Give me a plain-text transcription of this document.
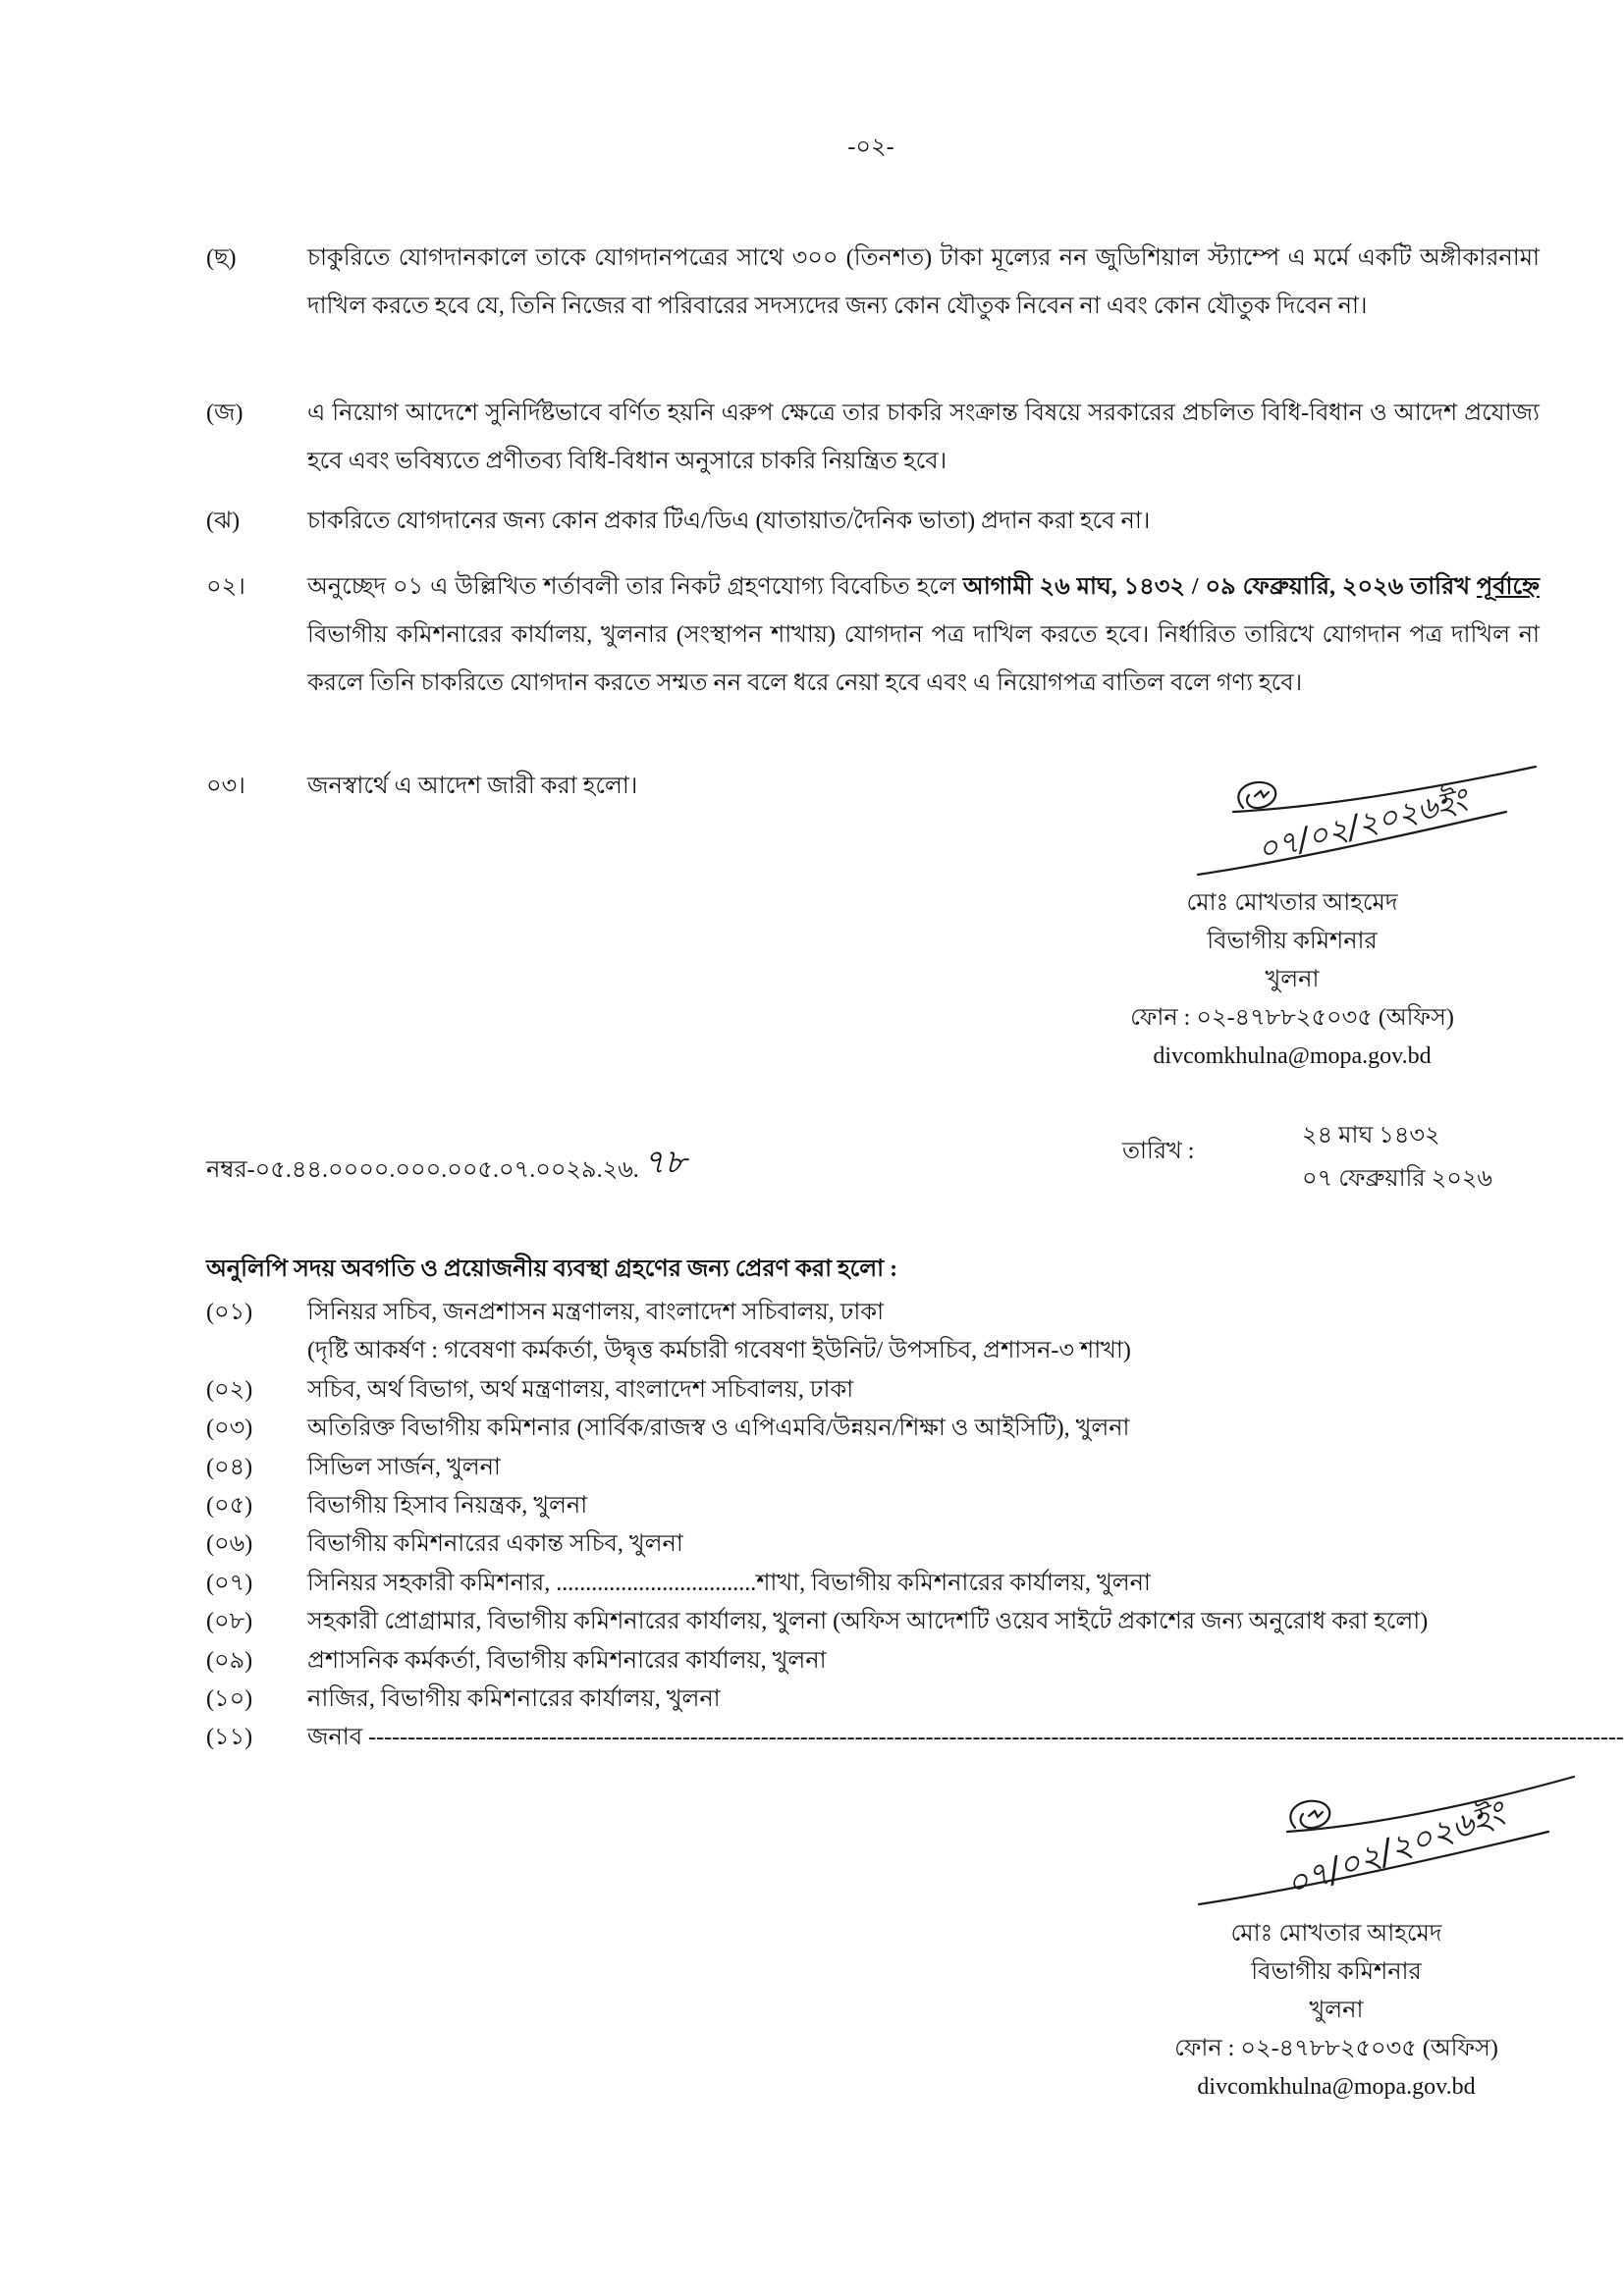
-০২-
(ছ)	চাকুরিতে যোগদানকালে তাকে যোগদানপত্রের সাথে ৩০০ (তিনশত) টাকা মূল্যের নন জুডিশিয়াল স্ট্যাম্পে এ মর্মে একটি অঙ্গীকারনামা দাখিল করতে হবে যে, তিনি নিজের বা পরিবারের সদস্যদের জন্য কোন যৌতুক নিবেন না এবং কোন যৌতুক দিবেন না।
(জ)	এ নিয়োগ আদেশে সুনির্দিষ্টভাবে বর্ণিত হয়নি এরুপ ক্ষেত্রে তার চাকরি সংক্রান্ত বিষয়ে সরকারের প্রচলিত বিধি-বিধান ও আদেশ প্রযোজ্য হবে এবং ভবিষ্যতে প্রণীতব্য বিধি-বিধান অনুসারে চাকরি নিয়ন্ত্রিত হবে।
(ঝ)	চাকরিতে যোগদানের জন্য কোন প্রকার টিএ/ডিএ (যাতায়াত/দৈনিক ভাতা) প্রদান করা হবে না।
০২।	অনুচ্ছেদ ০১ এ উল্লিখিত শর্তাবলী তার নিকট গ্রহণযোগ্য বিবেচিত হলে আগামী ২৬ মাঘ, ১৪৩২ / ০৯ ফেব্রুয়ারি, ২০২৬ তারিখ পূর্বাহ্নে বিভাগীয় কমিশনারের কার্যালয়, খুলনার (সংস্থাপন শাখায়) যোগদান পত্র দাখিল করতে হবে। নির্ধারিত তারিখে যোগদান পত্র দাখিল না করলে তিনি চাকরিতে যোগদান করতে সম্মত নন বলে ধরে নেয়া হবে এবং এ নিয়োগপত্র বাতিল বলে গণ্য হবে।
০৩।	জনস্বার্থে এ আদেশ জারী করা হলো।	০৭/০২/২০২৬ইং
মোঃ মোখতার আহমেদ
বিভাগীয় কমিশনার
খুলনা
ফোন : ০২-৪৭৮৮২৫০৩৫ (অফিস)
divcomkhulna@mopa.gov.bd
নম্বর-০৫.৪৪.০০০০.০০০.০০৫.০৭.০০২৯.২৬. ৭৮	তারিখ :
২৪ মাঘ ১৪৩২
০৭ ফেব্রুয়ারি ২০২৬
অনুলিপি সদয় অবগতি ও প্রয়োজনীয় ব্যবস্থা গ্রহণের জন্য প্রেরণ করা হলো :
(০১)	সিনিয়র সচিব, জনপ্রশাসন মন্ত্রণালয়, বাংলাদেশ সচিবালয়, ঢাকা
(দৃষ্টি আকর্ষণ : গবেষণা কর্মকর্তা, উদ্বৃত্ত কর্মচারী গবেষণা ইউনিট/ উপসচিব, প্রশাসন-৩ শাখা)
(০২)	সচিব, অর্থ বিভাগ, অর্থ মন্ত্রণালয়, বাংলাদেশ সচিবালয়, ঢাকা
(০৩)	অতিরিক্ত বিভাগীয় কমিশনার (সার্বিক/রাজস্ব ও এপিএমবি/উন্নয়ন/শিক্ষা ও আইসিটি), খুলনা
(০৪)	সিভিল সার্জন, খুলনা
(০৫)	বিভাগীয় হিসাব নিয়ন্ত্রক, খুলনা
(০৬)	বিভাগীয় কমিশনারের একান্ত সচিব, খুলনা
(০৭)	সিনিয়র সহকারী কমিশনার, ..................................শাখা, বিভাগীয় কমিশনারের কার্যালয়, খুলনা
(০৮)	সহকারী প্রোগ্রামার, বিভাগীয় কমিশনারের কার্যালয়, খুলনা (অফিস আদেশটি ওয়েব সাইটে প্রকাশের জন্য অনুরোধ করা হলো)
(০৯)	প্রশাসনিক কর্মকর্তা, বিভাগীয় কমিশনারের কার্যালয়, খুলনা
(১০)	নাজির, বিভাগীয় কমিশনারের কার্যালয়, খুলনা
(১১)	জনাব ----------------------------------------------------------------------------------------------------------------------------------------------------------------
০৭/০২/২০২৬ইং
মোঃ মোখতার আহমেদ
বিভাগীয় কমিশনার
খুলনা
ফোন : ০২-৪৭৮৮২৫০৩৫ (অফিস)
divcomkhulna@mopa.gov.bd
